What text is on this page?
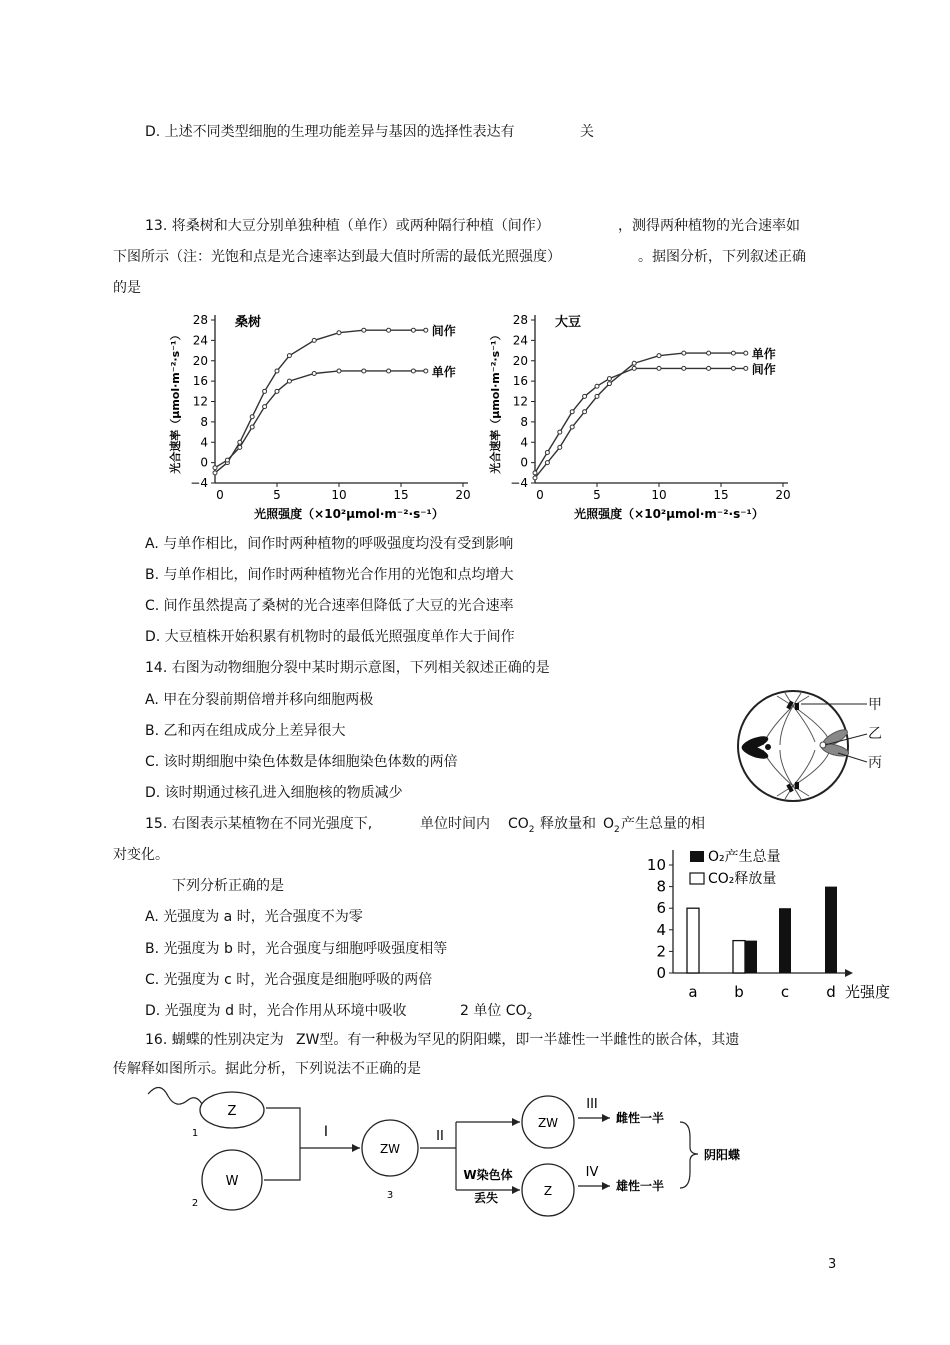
D. 上述不同类型细胞的生理功能差异与基因的选择性表达有	关
13. 将桑树和大豆分别单独种植（单作）或两种隔行种植（间作）	，测得两种植物的光合速率如
下图所示（注：光饱和点是光合速率达到最大值时所需的最低光照强度）	。据图分析，下列叙述正确
的是
−4
0
4
8
12
16
20
24
28
5	10	15	20
0
桑树
光照强度（×10²μmol·m⁻²·s⁻¹）
光合速率（μmol·m⁻²·s⁻¹）	间作
单作
−4
0
4
8
12
16
20
24
28
5	10	15	20
0
大豆
光照强度（×10²μmol·m⁻²·s⁻¹）
光合速率（μmol·m⁻²·s⁻¹）	单作
间作
A. 与单作相比，间作时两种植物的呼吸强度均没有受到影响
B. 与单作相比，间作时两种植物光合作用的光饱和点均增大
C. 间作虽然提高了桑树的光合速率但降低了大豆的光合速率
D. 大豆植株开始积累有机物时的最低光照强度单作大于间作
14. 右图为动物细胞分裂中某时期示意图，下列相关叙述正确的是
A. 甲在分裂前期倍增并移向细胞两极
B. 乙和丙在组成成分上差异很大
C. 该时期细胞中染色体数是体细胞染色体数的两倍
D. 该时期通过核孔进入细胞核的物质减少
甲
乙
丙
15. 右图表示某植物在不同光强度下,	单位时间内 $CO_2$ 释放量和 $O_2$ 产生总量的相
对变化。
下列分析正确的是
A. 光强度为 a 时，光合强度不为零
B. 光强度为 b 时，光合强度与细胞呼吸强度相等
C. 光强度为 c 时，光合强度是细胞呼吸的两倍
D. 光强度为 d 时，光合作用从环境中吸收	2 单位 $CO_2$
0
2
4
6
8
10
a b c d
O₂产生总量
CO₂释放量
光强度
16. 蝴蝶的性别决定为 ZW型。有一种极为罕见的阴阳蝶，即一半雄性一半雌性的嵌合体，其遗
传解释如图所示。据此分析，下列说法不正确的是
Z
W
1
2
ZW
3
I	II
ZW
Z
W染色体
丢失
III
IV
雌性一半
雄性一半
阴阳蝶
3
